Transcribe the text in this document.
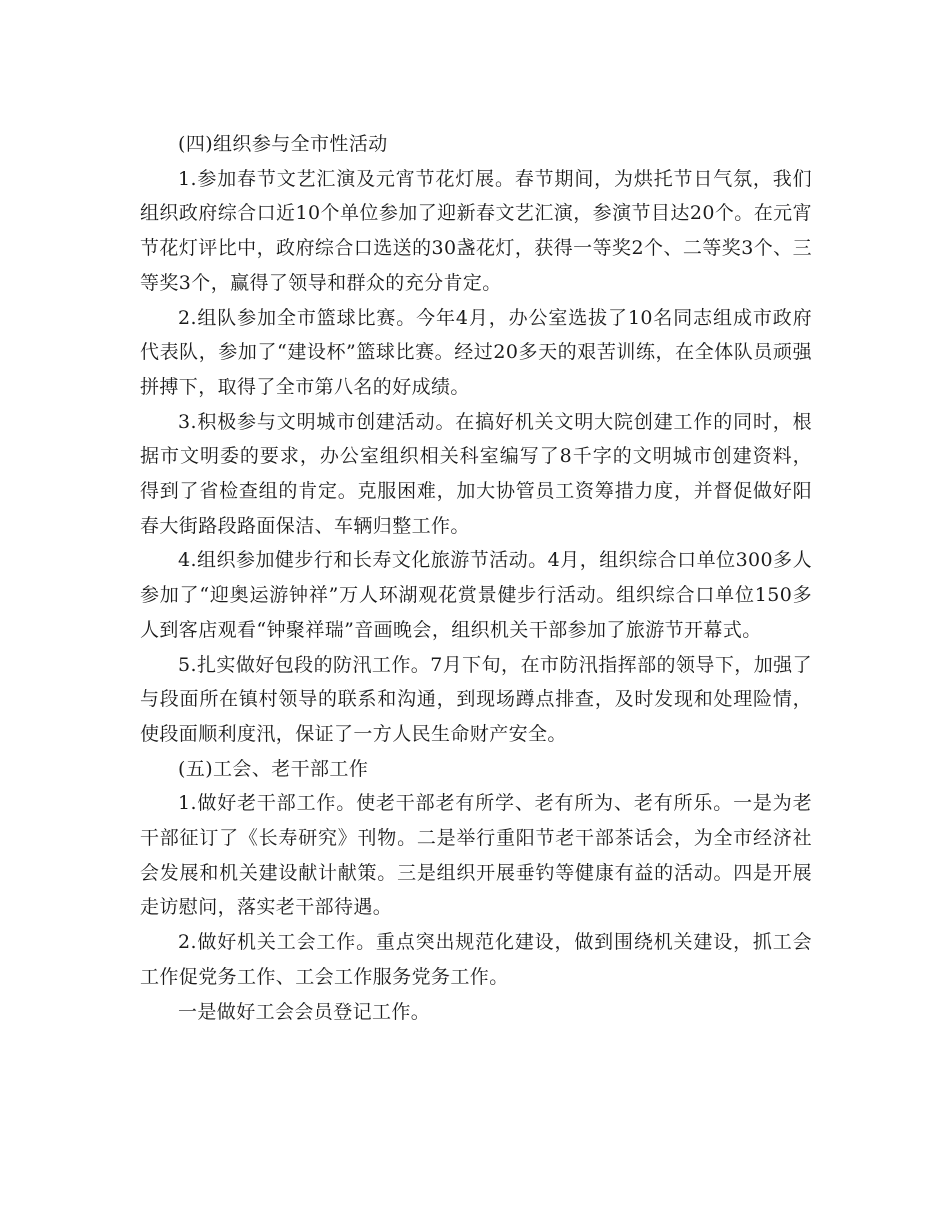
(四)组织参与全市性活动

1.参加春节文艺汇演及元宵节花灯展。春节期间，为烘托节日气氛，我们组织政府综合口近10个单位参加了迎新春文艺汇演，参演节目达20个。在元宵节花灯评比中，政府综合口选送的30盏花灯，获得一等奖2个、二等奖3个、三等奖3个，赢得了领导和群众的充分肯定。

2.组队参加全市篮球比赛。今年4月，办公室选拔了10名同志组成市政府代表队，参加了“建设杯”篮球比赛。经过20多天的艰苦训练，在全体队员顽强拼搏下，取得了全市第八名的好成绩。

3.积极参与文明城市创建活动。在搞好机关文明大院创建工作的同时，根据市文明委的要求，办公室组织相关科室编写了8千字的文明城市创建资料，得到了省检查组的肯定。克服困难，加大协管员工资筹措力度，并督促做好阳春大街路段路面保洁、车辆归整工作。

4.组织参加健步行和长寿文化旅游节活动。4月，组织综合口单位300多人参加了“迎奥运游钟祥”万人环湖观花赏景健步行活动。组织综合口单位150多人到客店观看“钟聚祥瑞”音画晚会，组织机关干部参加了旅游节开幕式。

5.扎实做好包段的防汛工作。7月下旬，在市防汛指挥部的领导下，加强了与段面所在镇村领导的联系和沟通，到现场蹲点排查，及时发现和处理险情，使段面顺利度汛，保证了一方人民生命财产安全。

(五)工会、老干部工作

1.做好老干部工作。使老干部老有所学、老有所为、老有所乐。一是为老干部征订了《长寿研究》刊物。二是举行重阳节老干部茶话会，为全市经济社会发展和机关建设献计献策。三是组织开展垂钓等健康有益的活动。四是开展走访慰问，落实老干部待遇。

2.做好机关工会工作。重点突出规范化建设，做到围绕机关建设，抓工会工作促党务工作、工会工作服务党务工作。

一是做好工会会员登记工作。
